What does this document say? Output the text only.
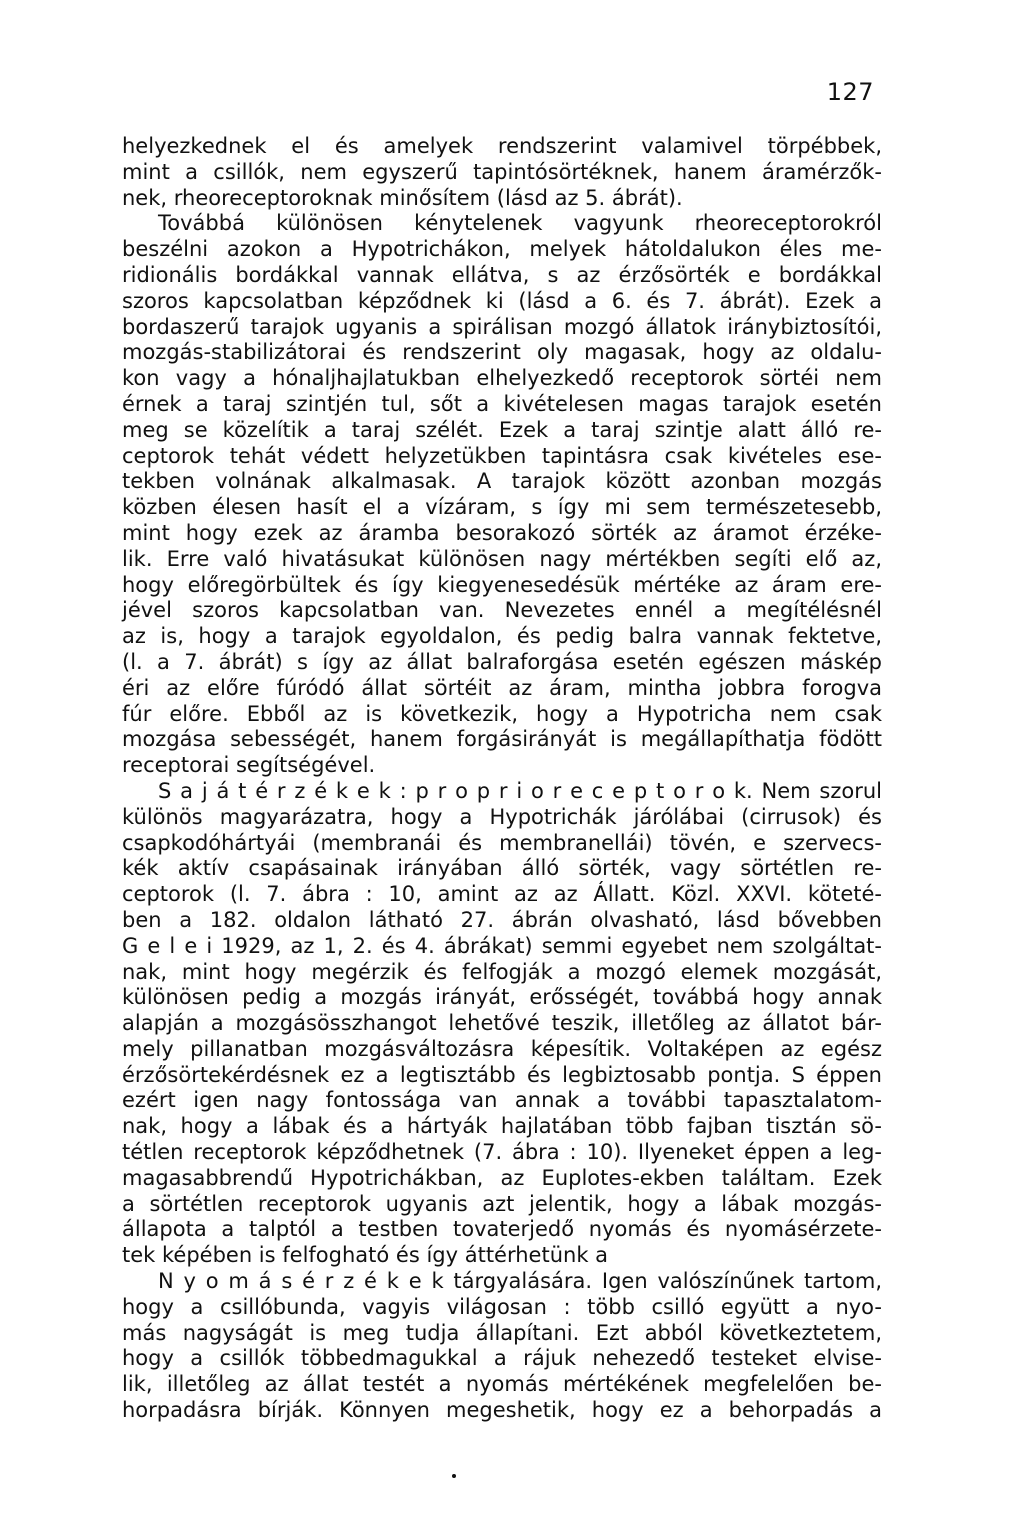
127
helyezkednek el és amelyek rendszerint valamivel törpébbek,
mint a csillók, nem egyszerű tapintósörtéknek, hanem áramérzők-
nek, rheoreceptoroknak minősítem (lásd az 5. ábrát).
Továbbá különösen kénytelenek vagyunk rheoreceptorokról
beszélni azokon a Hypotrichákon, melyek hátoldalukon éles me-
ridionális bordákkal vannak ellátva, s az érzősörték e bordákkal
szoros kapcsolatban képződnek ki (lásd a 6. és 7. ábrát). Ezek a
bordaszerű tarajok ugyanis a spirálisan mozgó állatok iránybiztosítói,
mozgás-stabilizátorai és rendszerint oly magasak, hogy az oldalu-
kon vagy a hónaljhajlatukban elhelyezkedő receptorok sörtéi nem
érnek a taraj szintjén tul, sőt a kivételesen magas tarajok esetén
meg se közelítik a taraj szélét. Ezek a taraj szintje alatt álló re-
ceptorok tehát védett helyzetükben tapintásra csak kivételes ese-
tekben volnának alkalmasak. A tarajok között azonban mozgás
közben élesen hasít el a vízáram, s így mi sem természetesebb,
mint hogy ezek az áramba besorakozó sörték az áramot érzéke-
lik. Erre való hivatásukat különösen nagy mértékben segíti elő az,
hogy előregörbültek és így kiegyenesedésük mértéke az áram ere-
jével szoros kapcsolatban van. Nevezetes ennél a megítélésnél
az is, hogy a tarajok egyoldalon, és pedig balra vannak fektetve,
(l. a 7. ábrát) s így az állat balraforgása esetén egészen máskép
éri az előre fúródó állat sörtéit az áram, mintha jobbra forogva
fúr előre. Ebből az is következik, hogy a Hypotricha nem csak
mozgása sebességét, hanem forgásirányát is megállapíthatja födött
receptorai segítségével.
S a j á t é r z é k e k : p r o p r i o r e c e p t o r o k. Nem szorul
különös magyarázatra, hogy a Hypotrichák járólábai (cirrusok) és
csapkodóhártyái (membranái és membranellái) tövén, e szervecs-
kék aktív csapásainak irányában álló sörték, vagy sörtétlen re-
ceptorok (l. 7. ábra : 10, amint az az Állatt. Közl. XXVI. köteté-
ben a 182. oldalon látható 27. ábrán olvasható, lásd bővebben
G e l e i 1929, az 1, 2. és 4. ábrákat) semmi egyebet nem szolgáltat-
nak, mint hogy megérzik és felfogják a mozgó elemek mozgását,
különösen pedig a mozgás irányát, erősségét, továbbá hogy annak
alapján a mozgásösszhangot lehetővé teszik, illetőleg az állatot bár-
mely pillanatban mozgásváltozásra képesítik. Voltaképen az egész
érzősörtekérdésnek ez a legtisztább és legbiztosabb pontja. S éppen
ezért igen nagy fontossága van annak a további tapasztalatom-
nak, hogy a lábak és a hártyák hajlatában több fajban tisztán sö-
tétlen receptorok képződhetnek (7. ábra : 10). Ilyeneket éppen a leg-
magasabbrendű Hypotrichákban, az Euplotes-ekben találtam. Ezek
a sörtétlen receptorok ugyanis azt jelentik, hogy a lábak mozgás-
állapota a talptól a testben tovaterjedő nyomás és nyomásérzete-
tek képében is felfogható és így áttérhetünk a
N y o m á s é r z é k e k tárgyalására. Igen valószínűnek tartom,
hogy a csillóbunda, vagyis világosan : több csilló együtt a nyo-
más nagyságát is meg tudja állapítani. Ezt abból következtetem,
hogy a csillók többedmagukkal a rájuk nehezedő testeket elvise-
lik, illetőleg az állat testét a nyomás mértékének megfelelően be-
horpadásra bírják. Könnyen megeshetik, hogy ez a behorpadás a
